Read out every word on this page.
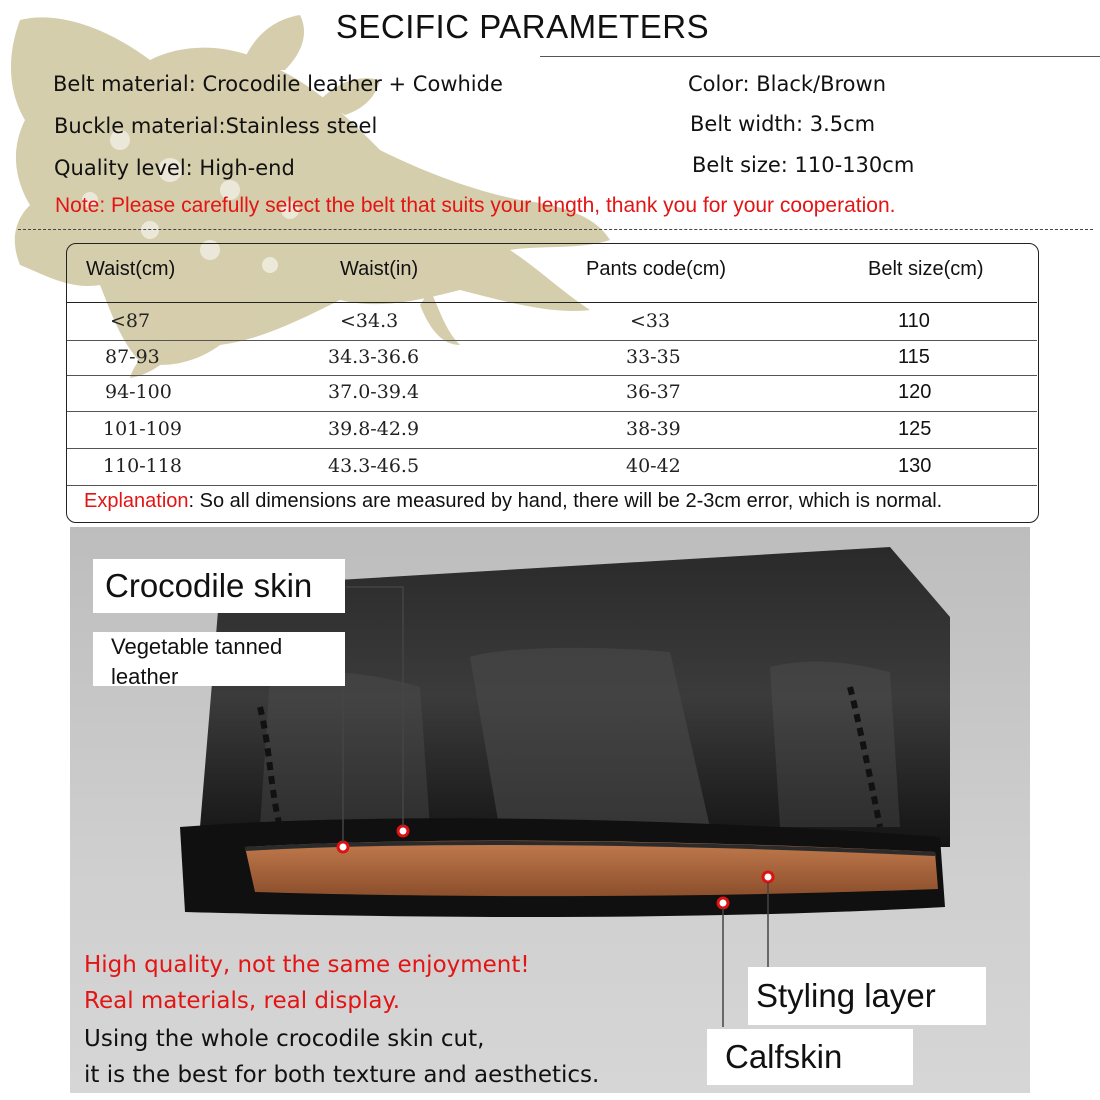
SECIFIC PARAMETERS
Belt material: Crocodile leather + Cowhide
Buckle material:Stainless steel
Quality level: High-end
Color: Black/Brown
Belt width: 3.5cm
Belt size: 110-130cm
Note: Please carefully select the belt that suits your length, thank you for your cooperation.
Waist(cm)	Waist(in)	Pants code(cm)	Belt size(cm)
<87	<34.3	<33	110
87-93	34.3-36.6	33-35	115
94-100	37.0-39.4	36-37	120
101-109	39.8-42.9	38-39	125
110-118	43.3-46.5	40-42	130
Explanation: So all dimensions are measured by hand, there will be 2-3cm error, which is normal.
Crocodile skin
Vegetable tanned leather
Styling layer
Calfskin
High quality, not the same enjoyment!
Real materials, real display.
Using the whole crocodile skin cut,
it is the best for both texture and aesthetics.
